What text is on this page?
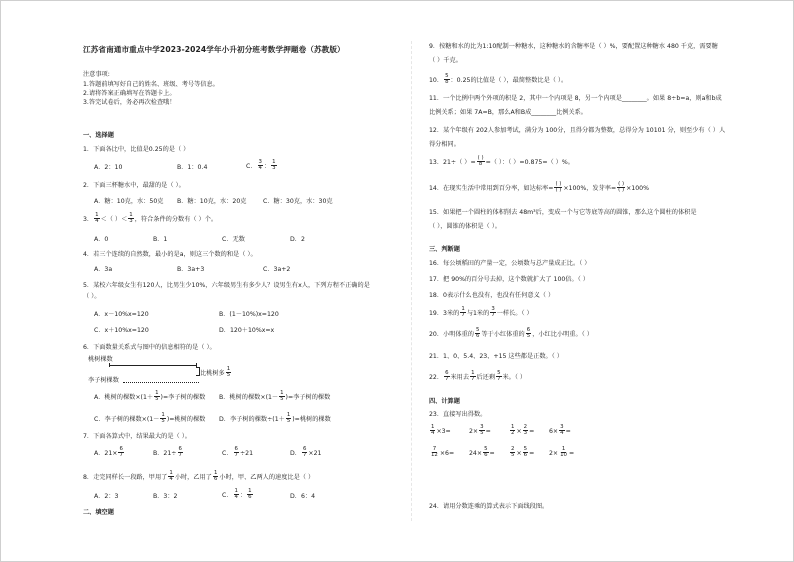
江苏省南通市重点中学2023-2024学年小升初分班考数学押题卷（苏教版）
注意事项:
1.答题前填写好自己的姓名、班级、考号等信息。
2.请将答案正确填写在答题卡上。
3.答完试卷后，务必再次检查哦！
一、选择题
1．下面各比中，比值是0.25的是（ ）
A．2：10	B．1：0.4	C． $\frac{3}{4}$ ： $\frac{1}{3}$
2．下面三杯糖水中，最甜的是（ ）。
A．糖：10克，水：50克 B．糖：10克，水：20克	C．糖：30克，水：30克
3． $\frac{1}{4}$ ＜（ ）＜ $\frac{1}{3}$ ，符合条件的分数有（ ）个。
A．0	B．1	C．无数	D．2
4．若三个连续的自然数，最小的是a，则这三个数的和是（ ）。
A．3a	B．3a+3	C．3a+2
5．某校六年级女生有120人，比男生少10%，六年级男生有多少人？设男生有x人，下列方程不正确的是
（ ）。
A．x－10%x=120	B．(1－10%)x=120
C．x＋10%x=120	D．120＋10%x=x
6．下面数量关系式与图中的信息相符的是（ ）。
桃树棵数
比桃树多 $\frac{1}{5}$
李子树棵数
A．桃树的棵数$\times(1+ \frac{1}{5}$ )=李子树的棵数 B．桃树的棵数$\times(1- \frac{1}{5}$ )=李子树的棵数
C．李子树的棵数$\times(1- \frac{1}{5}$ )=桃树的棵数 D．李子树的棵数$\div(1+ \frac{1}{5}$ )=桃树的棵数
7．下面各算式中，结果最大的是（ ）。
A．$21\times \frac{6}{7}$	B．$21\div \frac{6}{7}$	C． $\frac{6}{7} \div 21$	D． $\frac{6}{7} \times 21$
8．走完同样长一段路，甲用了 $\frac{1}{4}$ 小时，乙用了 $\frac{1}{6}$ 小时，甲、乙两人的速度比是（ ）
A．2：3	B．3：2	C． $\frac{1}{4}$ ： $\frac{1}{6}$	D．6：4
二、填空题
9．按糖和水的比为1:10配制一种糖水，这种糖水的含糖率是（ ）%，要配置这种糖水 480 千克，需要糖
（ ）千克。
10． $\frac{5}{8}$ ：0.25的比值是（ ），最简整数比是（ ）。
11．一个比例中两个外项的积是 2，其中一个内项是 8，另一个内项是________。如果 8÷b=a，则a和b成
比例关系；如果 7A=B，那么A和B成________比例关系。
12．某个年级有 202人参加考试，满分为 100分，且得分都为整数，总得分为 10101 分，则至少有（ ）人
得分相同。
13．21÷（ ）= $\frac{( )}{8}$ =（ ）：（ ）=0.875=（ ）%。
14．在现实生活中常用到百分率，如达标率= $\frac{( )}{( )} \times 100\%$，发芽率= $\frac{( )}{( )} \times 100\%$
15．如果把一个圆柱的体积削去 48m³后，变成一个与它等底等高的圆锥，那么这个圆柱的体积是
（ ），圆锥的体积是（ ）。
三、判断题
16．每公顷稻田的产量一定，公顷数与总产量成正比。（ ）
17．把 90%的百分号去掉，这个数就扩大了 100倍。（ ）
18．0表示什么也没有，也没有任何意义（ ）
19．3米的 $\frac{1}{7}$ 与1米的 $\frac{3}{7}$ 一样长。（ ）
20．小明体重的 $\frac{5}{6}$ 等于小红体重的 $\frac{6}{5}$ ，小红比小明重。（ ）
21．1、0、5.4、23、+15 这些都是正数。（ ）
22． $\frac{6}{7}$ 米用去 $\frac{1}{7}$ 后还剩 $\frac{5}{7}$ 米。（ ）
四、计算题
23．直接写出得数。
$\frac{1}{4} \times 3=$	$2\times \frac{3}{5}$ =	$\frac{1}{2} \times \frac{2}{3} = 6\times \frac{3}{4}$ =
$\frac{7}{12} \times 6= 24\times \frac{5}{6}$ =	$\frac{2}{5} \times \frac{5}{6} = 2\times \frac{1}{10}$ =
24．请用分数连乘的算式表示下面线段图。
